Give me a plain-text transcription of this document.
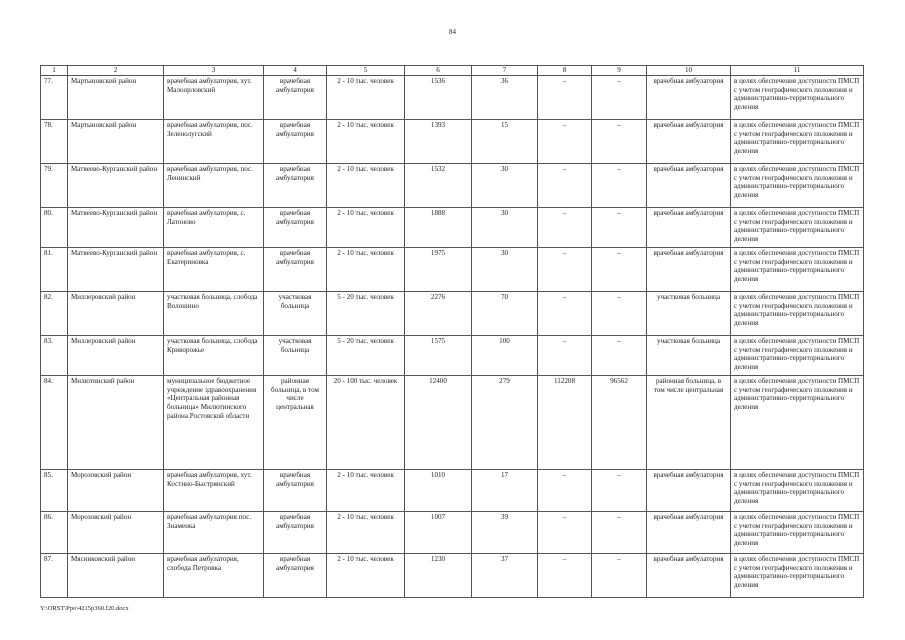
84
1	2	3	4	5	6	7	8	9	10	11
77.	Мартыновский район	врачебная амбулатория, хут. Малоорловский	врачебная амбулатория	2 - 10 тыс. человек	1536	36	–	–	врачебная амбулатория	в целях обеспечения доступности ПМСП с учетом географического положения и административно-территориального деления
78.	Мартыновский район	врачебная амбулатория, пос. Зеленолугский	врачебная амбулатория	2 - 10 тыс. человек	1393	15	–	–	врачебная амбулатория	в целях обеспечения доступности ПМСП с учетом географического положения и административно-территориального деления
79.	Матвеево-Курганский район	врачебная амбулатория, пос. Ленинский	врачебная амбулатория	2 - 10 тыс. человек	1532	30	–	–	врачебная амбулатория	в целях обеспечения доступности ПМСП с учетом географического положения и административно-территориального деления
80.	Матвеево-Курганский район	врачебная амбулатория, с. Латоново	врачебная амбулатория	2 - 10 тыс. человек	1888	30	–	–	врачебная амбулатория	в целях обеспечения доступности ПМСП с учетом географического положения и административно-территориального деления
81.	Матвеево-Курганский район	врачебная амбулатория, с. Екатериновка	врачебная амбулатория	2 - 10 тыс. человек	1975	30	–	–	врачебная амбулатория	в целях обеспечения доступности ПМСП с учетом географического положения и административно-территориального деления
82.	Миллеровский район	участковая больница, слобода Волошино	участковая больница	5 - 20 тыс. человек	2276	70	–	–	участковая больница	в целях обеспечения доступности ПМСП с учетом географического положения и административно-территориального деления
83.	Миллеровский район	участковая больница, слобода Криворожье	участковая больница	5 - 20 тыс. человек	1575	100	–	–	участковая больница	в целях обеспечения доступности ПМСП с учетом географического положения и административно-территориального деления
84.	Милютинский район	муниципальное бюджетное учреждение здравоохранения «Центральная районная больница» Милютинского района Ростовской области	районная больница, в том числе центральная	20 - 100 тыс. человек	12400	279	112208	96562	районная больница, в том числе центральная	в целях обеспечения доступности ПМСП с учетом географического положения и административно-территориального деления
85.	Морозовский район	врачебная амбулатория, хут. Костино-Быстрянский	врачебная амбулатория	2 - 10 тыс. человек	1010	17	–	–	врачебная амбулатория	в целях обеспечения доступности ПМСП с учетом географического положения и административно-территориального деления
86.	Морозовский район	врачебная амбулатория пос. Знаменка	врачебная амбулатория	2 - 10 тыс. человек	1007	39	–	–	врачебная амбулатория	в целях обеспечения доступности ПМСП с учетом географического положения и административно-территориального деления
87.	Мясниковский район	врачебная амбулатория, слобода Петровка	врачебная амбулатория	2 - 10 тыс. человек	1230	37	–	–	врачебная амбулатория	в целях обеспечения доступности ПМСП с учетом географического положения и административно-территориального деления
Y:\ORST\Ppo\4215p360.f20.docx
